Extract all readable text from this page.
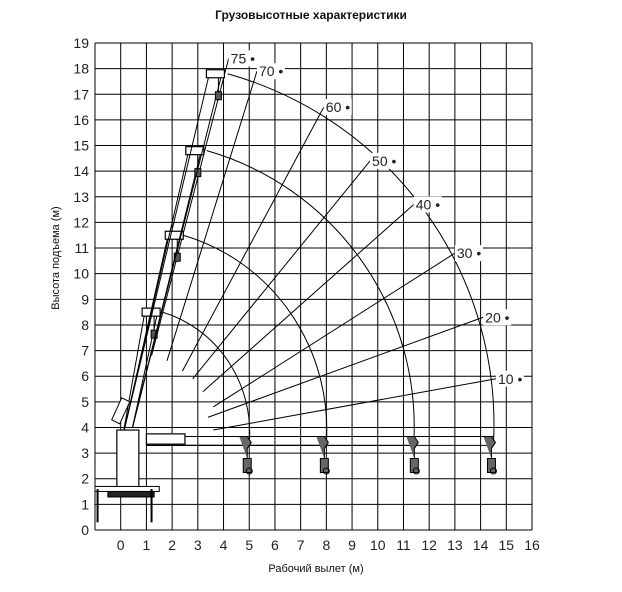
Грузовысотные характеристики
0 1 2 3 4 5 6 7 8 9 10 11 12 13 14 15 16
0
1
2
3
4
5
6
7
8
9
10
11
12
13
14
15
16
17
18
19
75 •
70 •
60 •
50 •
40 •
30 •
20 •
10 •
Рабочий вылет (м)
Высота подъема (м)
